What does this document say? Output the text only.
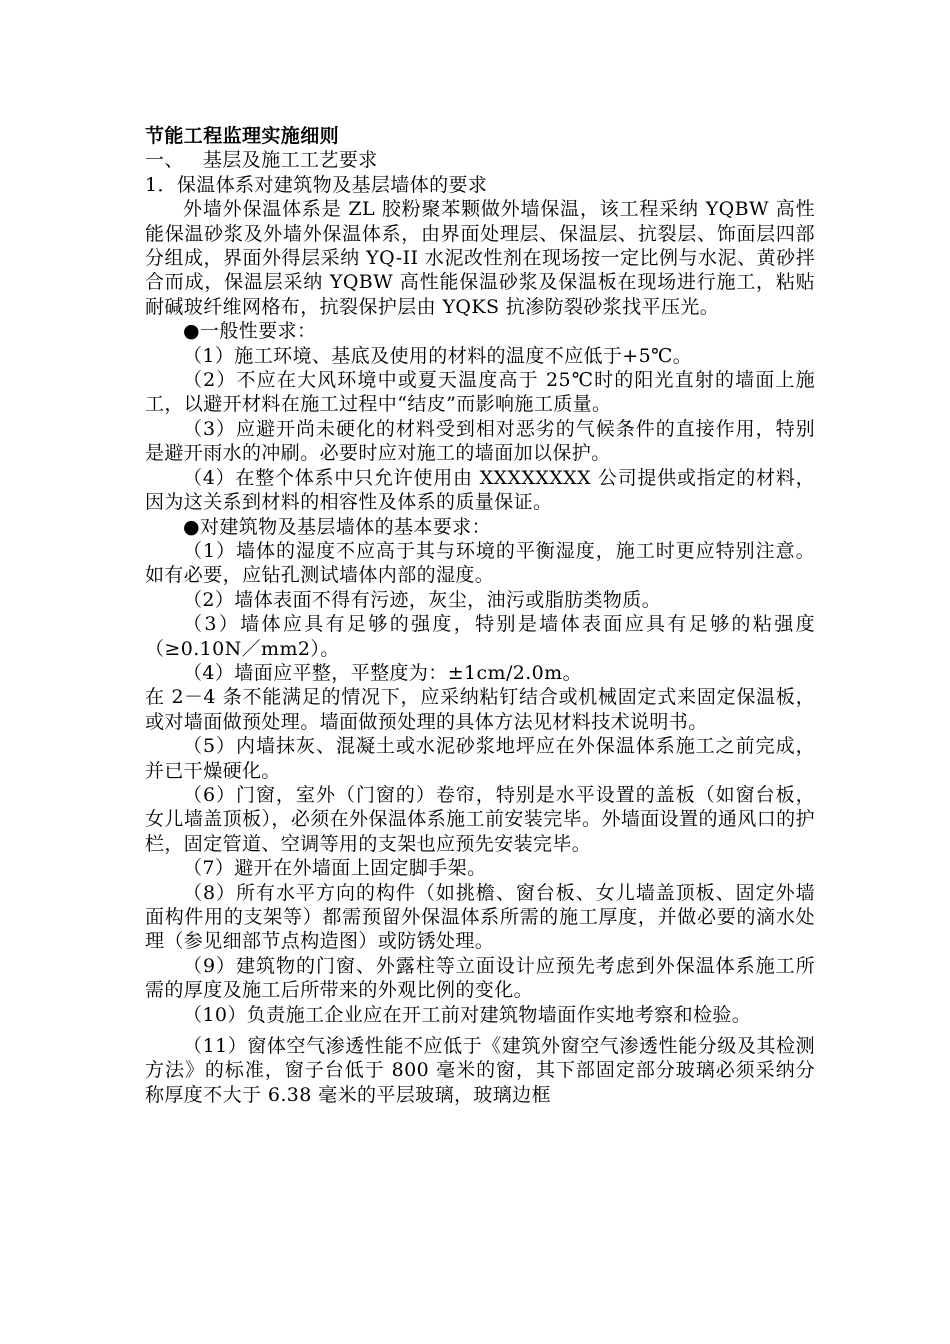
节能工程监理实施细则

一、 基层及施工工艺要求

1．保温体系对建筑物及基层墙体的要求

外墙外保温体系是 ZL 胶粉聚苯颗做外墙保温，该工程采纳 YQBW 高性能保温砂浆及外墙外保温体系，由界面处理层、保温层、抗裂层、饰面层四部分组成，界面外得层采纳 YQ-II 水泥改性剂在现场按一定比例与水泥、黄砂拌合而成，保温层采纳 YQBW 高性能保温砂浆及保温板在现场进行施工，粘贴耐碱玻纤维网格布，抗裂保护层由 YQKS 抗渗防裂砂浆找平压光。

●一般性要求：

（1）施工环境、基底及使用的材料的温度不应低于+5℃。

（2）不应在大风环境中或夏天温度高于 25℃时的阳光直射的墙面上施工，以避开材料在施工过程中“结皮”而影响施工质量。

（3）应避开尚未硬化的材料受到相对恶劣的气候条件的直接作用，特别是避开雨水的冲刷。必要时应对施工的墙面加以保护。

（4）在整个体系中只允许使用由 XXXXXXXX 公司提供或指定的材料，因为这关系到材料的相容性及体系的质量保证。

●对建筑物及基层墙体的基本要求：

（1）墙体的湿度不应高于其与环境的平衡湿度，施工时更应特别注意。如有必要，应钻孔测试墙体内部的湿度。

（2）墙体表面不得有污迹，灰尘，油污或脂肪类物质。

（3）墙体应具有足够的强度，特别是墙体表面应具有足够的粘强度（≥0.10N／mm2）。

（4）墙面应平整，平整度为：±1cm/2.0m。

在 2－4 条不能满足的情况下，应采纳粘钉结合或机械固定式来固定保温板，或对墙面做预处理。墙面做预处理的具体方法见材料技术说明书。

（5）内墙抹灰、混凝土或水泥砂浆地坪应在外保温体系施工之前完成，并已干燥硬化。

（6）门窗，室外（门窗的）卷帘，特别是水平设置的盖板（如窗台板，女儿墙盖顶板），必须在外保温体系施工前安装完毕。外墙面设置的通风口的护栏，固定管道、空调等用的支架也应预先安装完毕。

（7）避开在外墙面上固定脚手架。

（8）所有水平方向的构件（如挑檐、窗台板、女儿墙盖顶板、固定外墙面构件用的支架等）都需预留外保温体系所需的施工厚度，并做必要的滴水处理（参见细部节点构造图）或防锈处理。

（9）建筑物的门窗、外露柱等立面设计应预先考虑到外保温体系施工所需的厚度及施工后所带来的外观比例的变化。

（10）负责施工企业应在开工前对建筑物墙面作实地考察和检验。

（11）窗体空气渗透性能不应低于《建筑外窗空气渗透性能分级及其检测方法》的标准，窗子台低于 800 毫米的窗，其下部固定部分玻璃必须采纳分称厚度不大于 6.38 毫米的平层玻璃，玻璃边框
